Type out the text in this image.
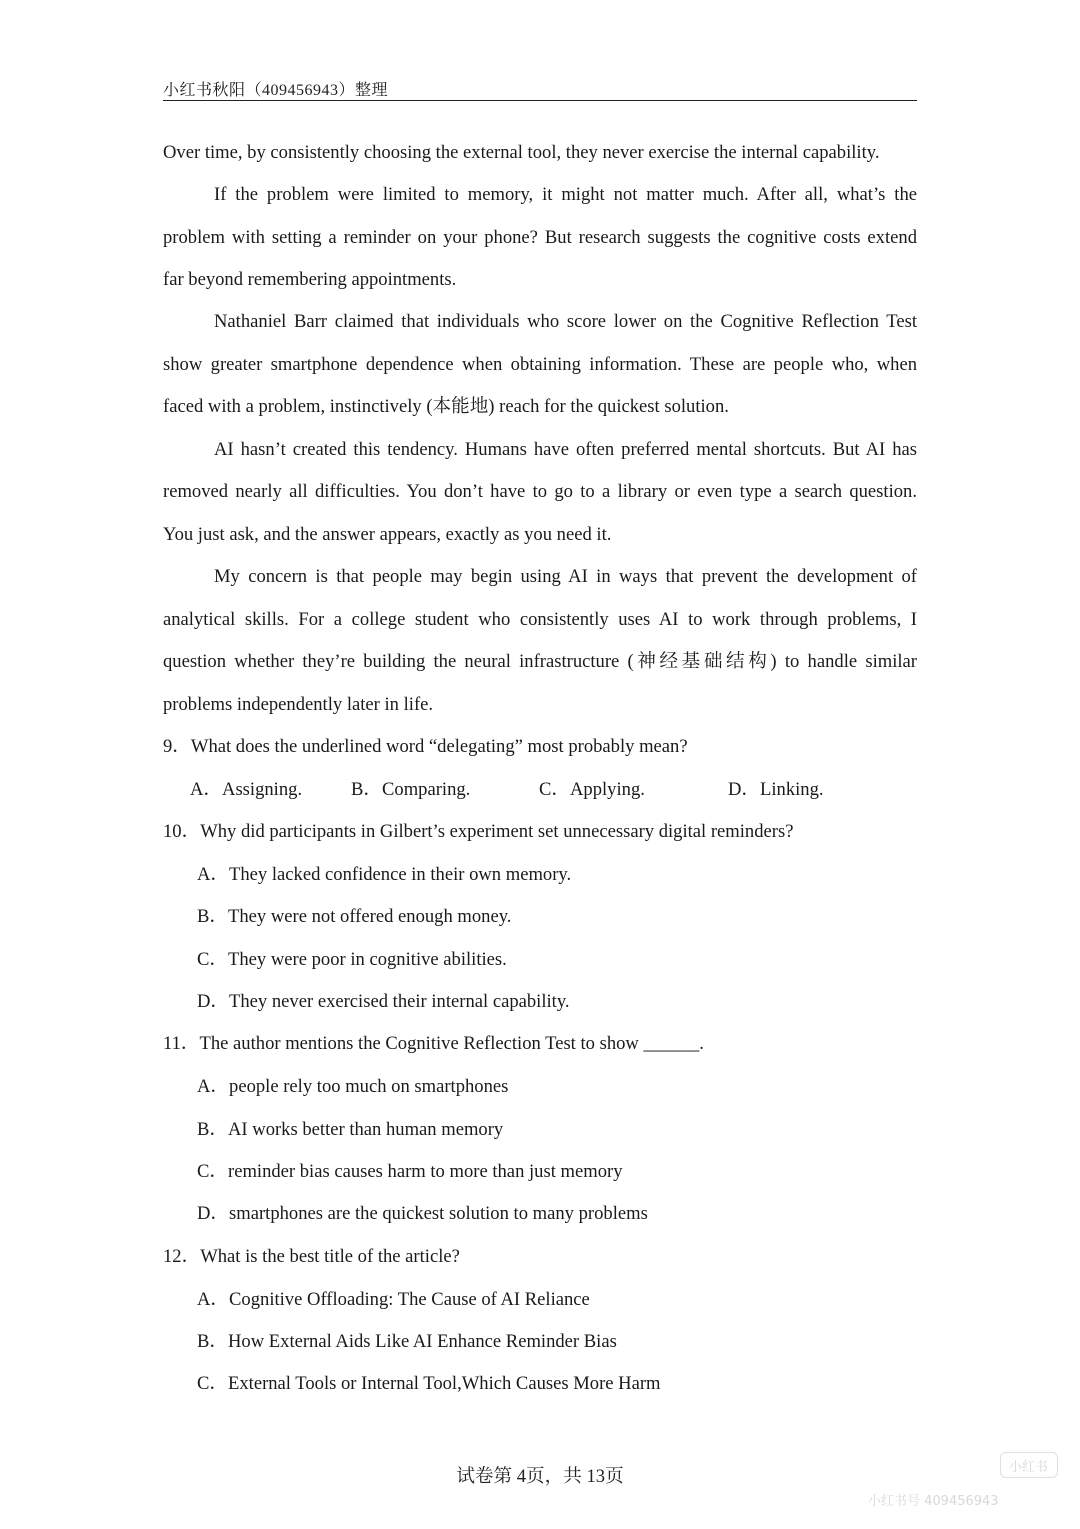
小红书秋阳（409456943）整理
Over time, by consistently choosing the external tool, they never exercise the internal capability.
If the problem were limited to memory, it might not matter much. After all, what’s the
problem with setting a reminder on your phone? But research suggests the cognitive costs extend
far beyond remembering appointments.
Nathaniel Barr claimed that individuals who score lower on the Cognitive Reflection Test
show greater smartphone dependence when obtaining information. These are people who, when
faced with a problem, instinctively (本能地) reach for the quickest solution.
AI hasn’t created this tendency. Humans have often preferred mental shortcuts. But AI has
removed nearly all difficulties. You don’t have to go to a library or even type a search question.
You just ask, and the answer appears, exactly as you need it.
My concern is that people may begin using AI in ways that prevent the development of
analytical skills. For a college student who consistently uses AI to work through problems, I
question whether they’re building the neural infrastructure (神经基础结构) to handle similar
problems independently later in life.
9．What does the underlined word “delegating” most probably mean?
A．Assigning.	B．Comparing.	C．Applying.	D．Linking.
10．Why did participants in Gilbert’s experiment set unnecessary digital reminders?
A．They lacked confidence in their own memory.
B．They were not offered enough money.
C．They were poor in cognitive abilities.
D．They never exercised their internal capability.
11．The author mentions the Cognitive Reflection Test to show ______.
A．people rely too much on smartphones
B．AI works better than human memory
C．reminder bias causes harm to more than just memory
D．smartphones are the quickest solution to many problems
12．What is the best title of the article?
A．Cognitive Offloading: The Cause of AI Reliance
B．How External Aids Like AI Enhance Reminder Bias
C．External Tools or Internal Tool,Which Causes More Harm
试卷第 4页，共 13页	小红书
小红书号 409456943
